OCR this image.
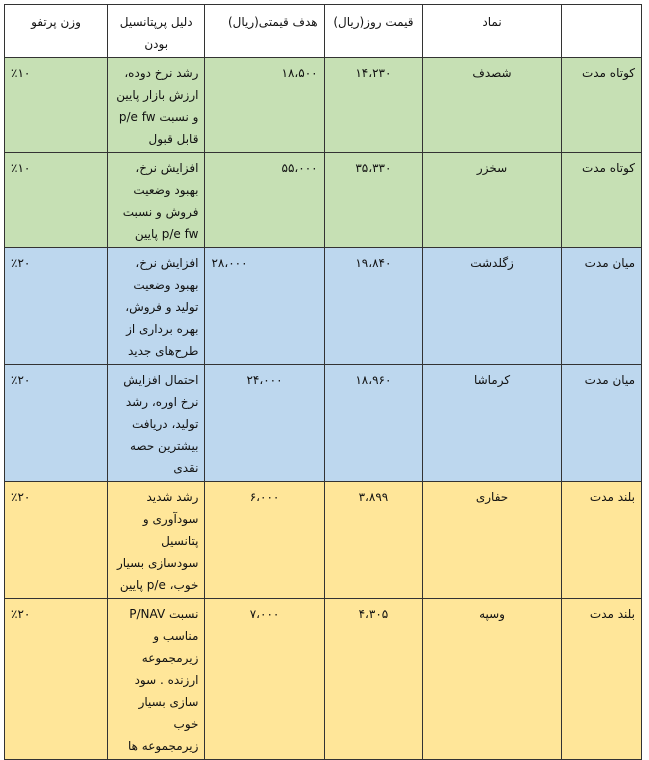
	نماد	قیمت روز(ریال)	هدف قیمتی(ریال)	دلیل پرپتانسیل بودن	وزن پرتفو
کوتاه مدت	شصدف	۱۴،۲۳۰	۱۸،۵۰۰	رشد نرخ دوده، ارزش بازار پایین و نسبت p/e fw قابل قبول	٪۱۰
کوتاه مدت	سخزر	۳۵،۳۳۰	۵۵،۰۰۰	افزایش نرخ، بهبود وضعیت فروش و نسبت p/e fw پایین	٪۱۰
میان مدت	زگلدشت	۱۹،۸۴۰	۲۸،۰۰۰	افزایش نرخ، بهبود وضعیت تولید و فروش، بهره برداری از طرح‌های جدید	٪۲۰
میان مدت	کرماشا	۱۸،۹۶۰	۲۴،۰۰۰	احتمال افزایش نرخ اوره، رشد تولید، دریافت بیشترین حصه نقدی	٪۲۰
بلند مدت	حفاری	۳،۸۹۹	۶،۰۰۰	رشد شدید سودآوری و پتانسیل سودسازی بسیار خوب، p/e پایین	٪۲۰
بلند مدت	وسپه	۴،۳۰۵	۷،۰۰۰	نسبت P/NAV مناسب و زیرمجموعه ارزنده . سود سازی بسیار خوب زیرمجموعه ها	٪۲۰
